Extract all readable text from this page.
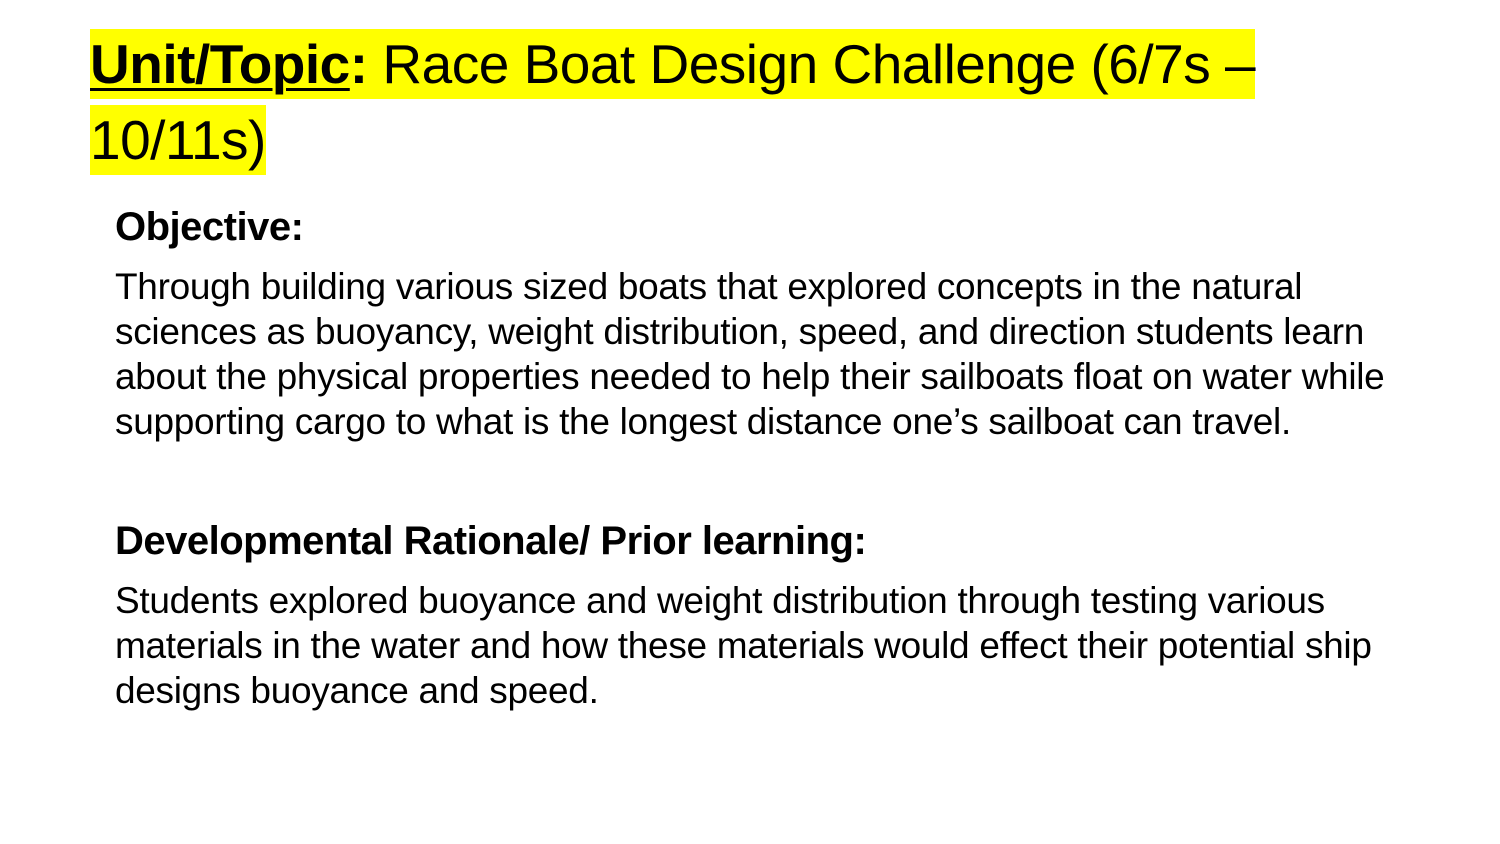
Unit/Topic: Race Boat Design Challenge (6/7s – 10/11s)
Objective:

Through building various sized boats that explored concepts in the natural sciences as buoyancy, weight distribution, speed, and direction students learn about the physical properties needed to help their sailboats float on water while supporting cargo to what is the longest distance one’s sailboat can travel.

Developmental Rationale/ Prior learning:

Students explored buoyance and weight distribution through testing various materials in the water and how these materials would effect their potential ship designs buoyance and speed.
